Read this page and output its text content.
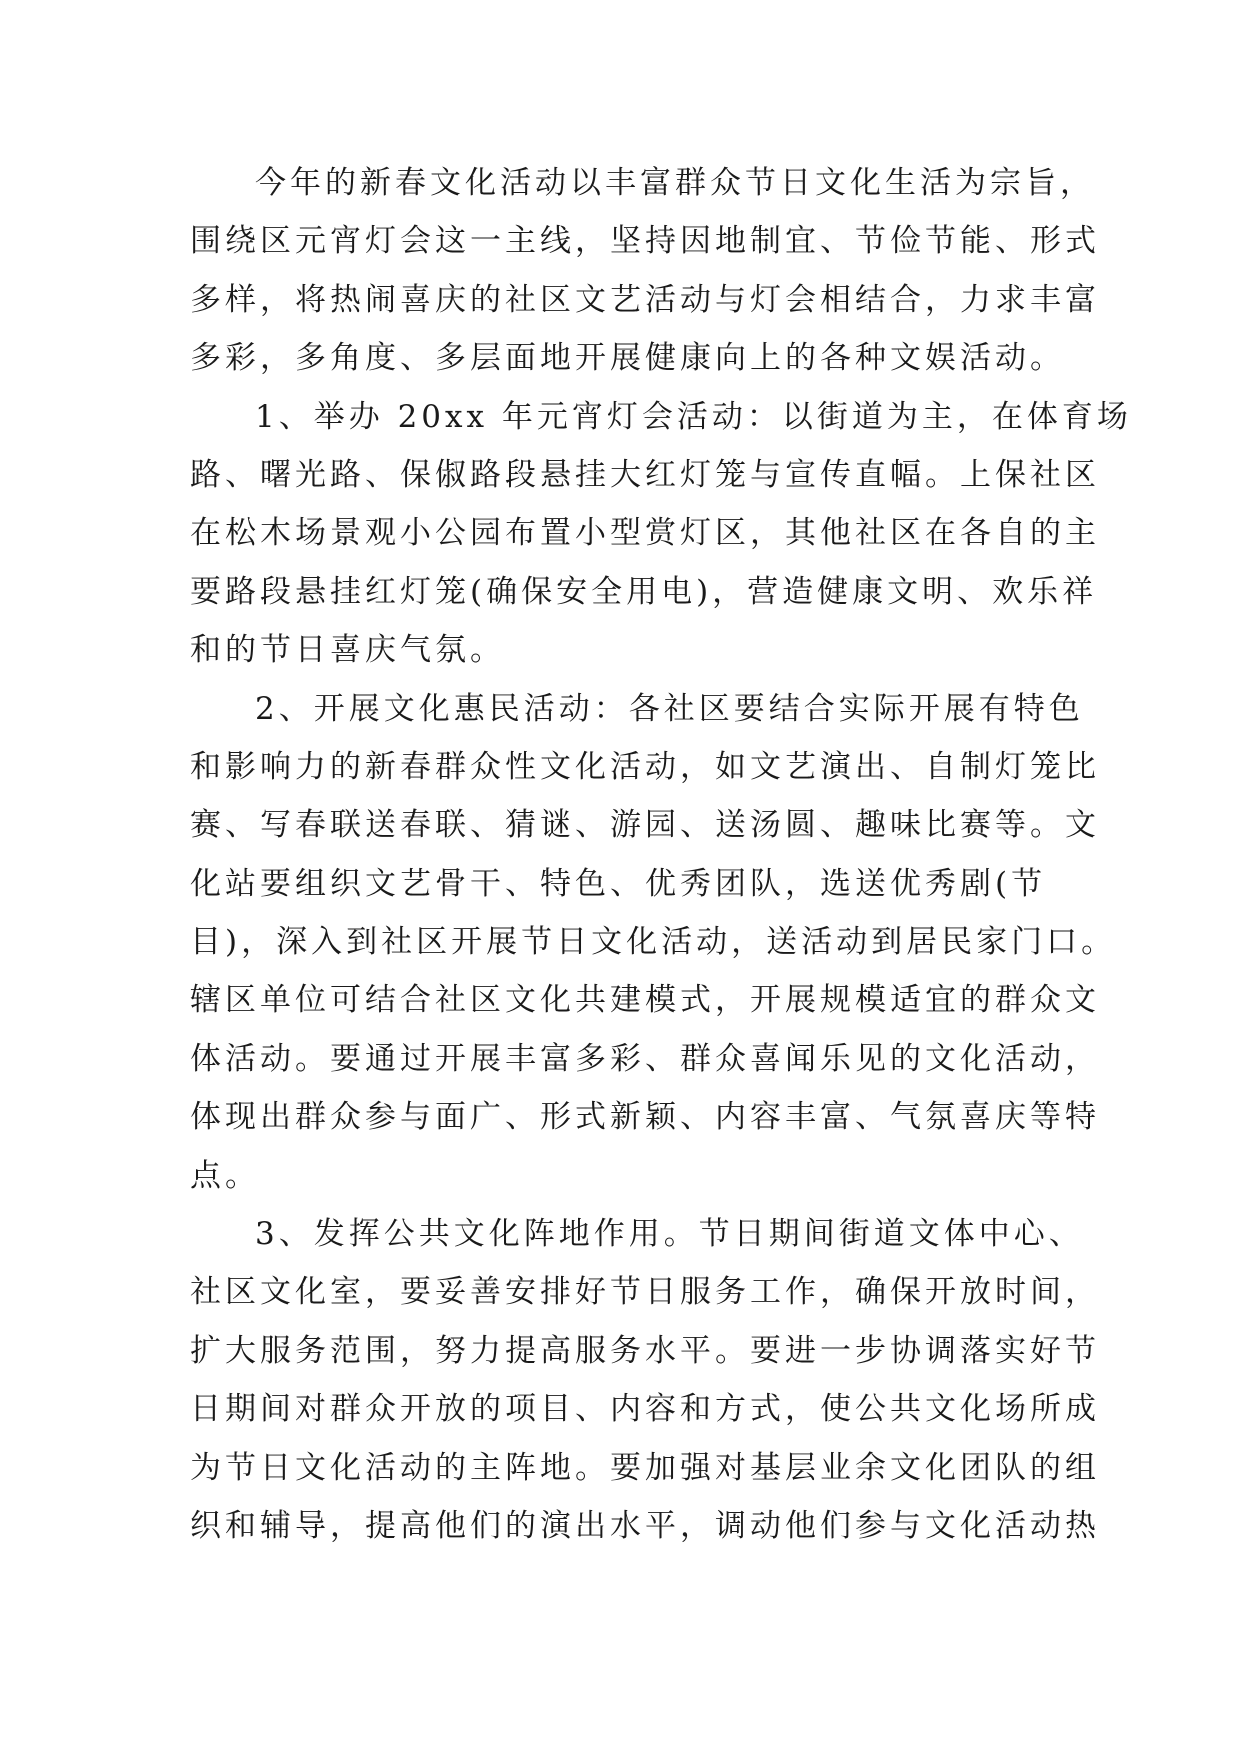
今年的新春文化活动以丰富群众节日文化生活为宗旨，
围绕区元宵灯会这一主线，坚持因地制宜、节俭节能、形式
多样，将热闹喜庆的社区文艺活动与灯会相结合，力求丰富
多彩，多角度、多层面地开展健康向上的各种文娱活动。
1、举办 20xx 年元宵灯会活动：以街道为主，在体育场
路、曙光路、保俶路段悬挂大红灯笼与宣传直幅。上保社区
在松木场景观小公园布置小型赏灯区，其他社区在各自的主
要路段悬挂红灯笼(确保安全用电)，营造健康文明、欢乐祥
和的节日喜庆气氛。
2、开展文化惠民活动：各社区要结合实际开展有特色
和影响力的新春群众性文化活动，如文艺演出、自制灯笼比
赛、写春联送春联、猜谜、游园、送汤圆、趣味比赛等。文
化站要组织文艺骨干、特色、优秀团队，选送优秀剧(节
目)，深入到社区开展节日文化活动，送活动到居民家门口。
辖区单位可结合社区文化共建模式，开展规模适宜的群众文
体活动。要通过开展丰富多彩、群众喜闻乐见的文化活动，
体现出群众参与面广、形式新颖、内容丰富、气氛喜庆等特
点。
3、发挥公共文化阵地作用。节日期间街道文体中心、
社区文化室，要妥善安排好节日服务工作，确保开放时间，
扩大服务范围，努力提高服务水平。要进一步协调落实好节
日期间对群众开放的项目、内容和方式，使公共文化场所成
为节日文化活动的主阵地。要加强对基层业余文化团队的组
织和辅导，提高他们的演出水平，调动他们参与文化活动热
